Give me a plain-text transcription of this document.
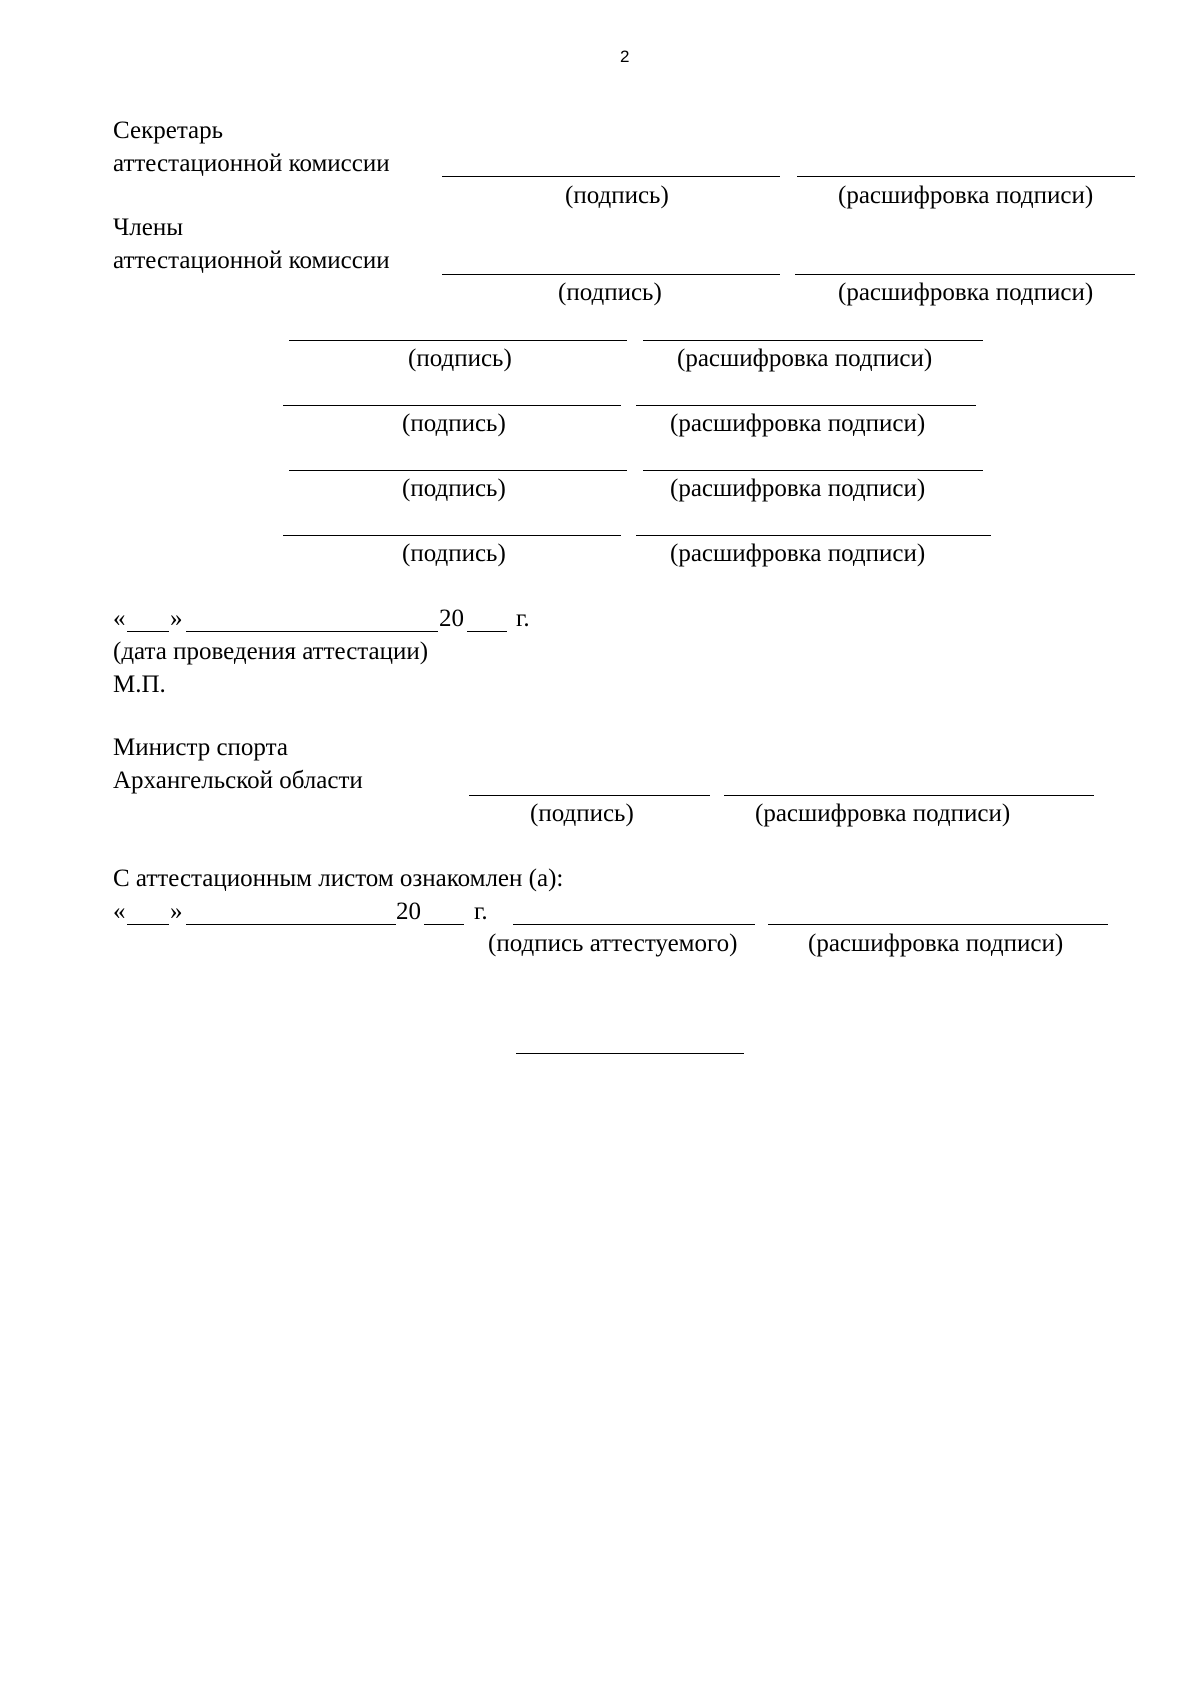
2
Секретарь
аттестационной комиссии
(подпись)	(расшифровка подписи)
Члены
аттестационной комиссии
(подпись)	(расшифровка подписи)
(подпись)	(расшифровка подписи)
(подпись)	(расшифровка подписи)
(подпись)	(расшифровка подписи)
(подпись)	(расшифровка подписи)
« »	20 г.
(дата проведения аттестации)
М.П.
Министр спорта
Архангельской области
(подпись)	(расшифровка подписи)
С аттестационным листом ознакомлен (а):
« »	20 г.
(подпись аттестуемого)	(расшифровка подписи)
